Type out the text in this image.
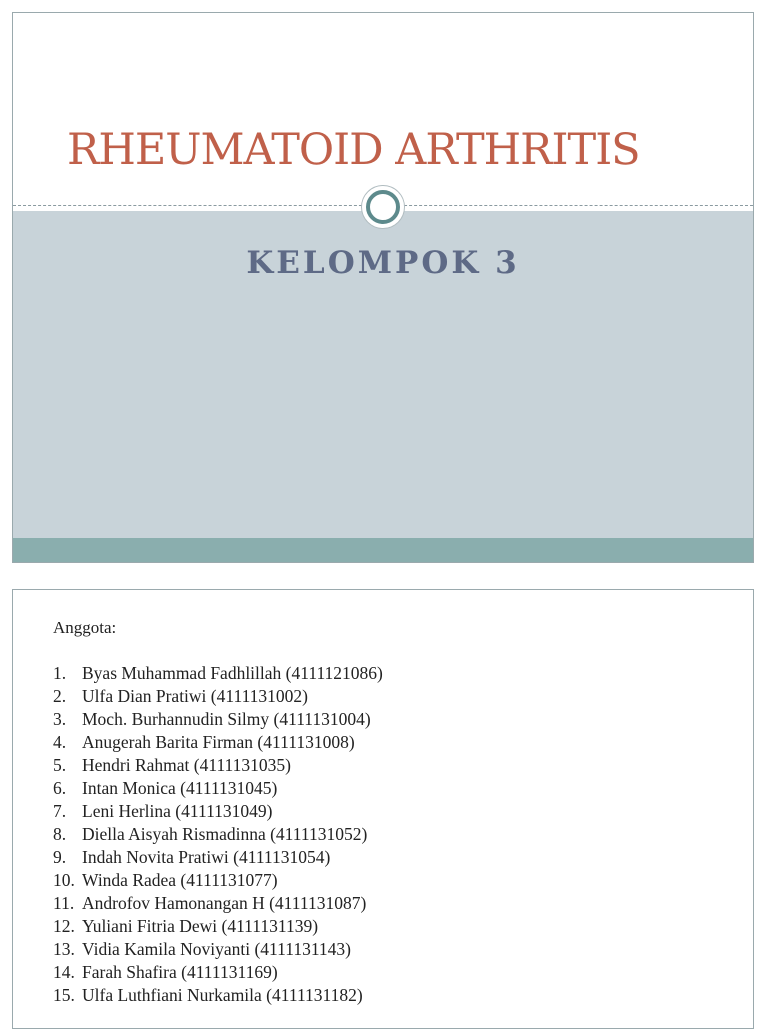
RHEUMATOID ARTHRITIS
KELOMPOK 3

Anggota:

1. Byas Muhammad Fadhlillah (4111121086)
2. Ulfa Dian Pratiwi (4111131002)
3. Moch. Burhannudin Silmy (4111131004)
4. Anugerah Barita Firman (4111131008)
5. Hendri Rahmat (4111131035)
6. Intan Monica (4111131045)
7. Leni Herlina (4111131049)
8. Diella Aisyah Rismadinna (4111131052)
9. Indah Novita Pratiwi (4111131054)
10. Winda Radea (4111131077)
11. Androfov Hamonangan H (4111131087)
12. Yuliani Fitria Dewi (4111131139)
13. Vidia Kamila Noviyanti (4111131143)
14. Farah Shafira (4111131169)
15. Ulfa Luthfiani Nurkamila (4111131182)
